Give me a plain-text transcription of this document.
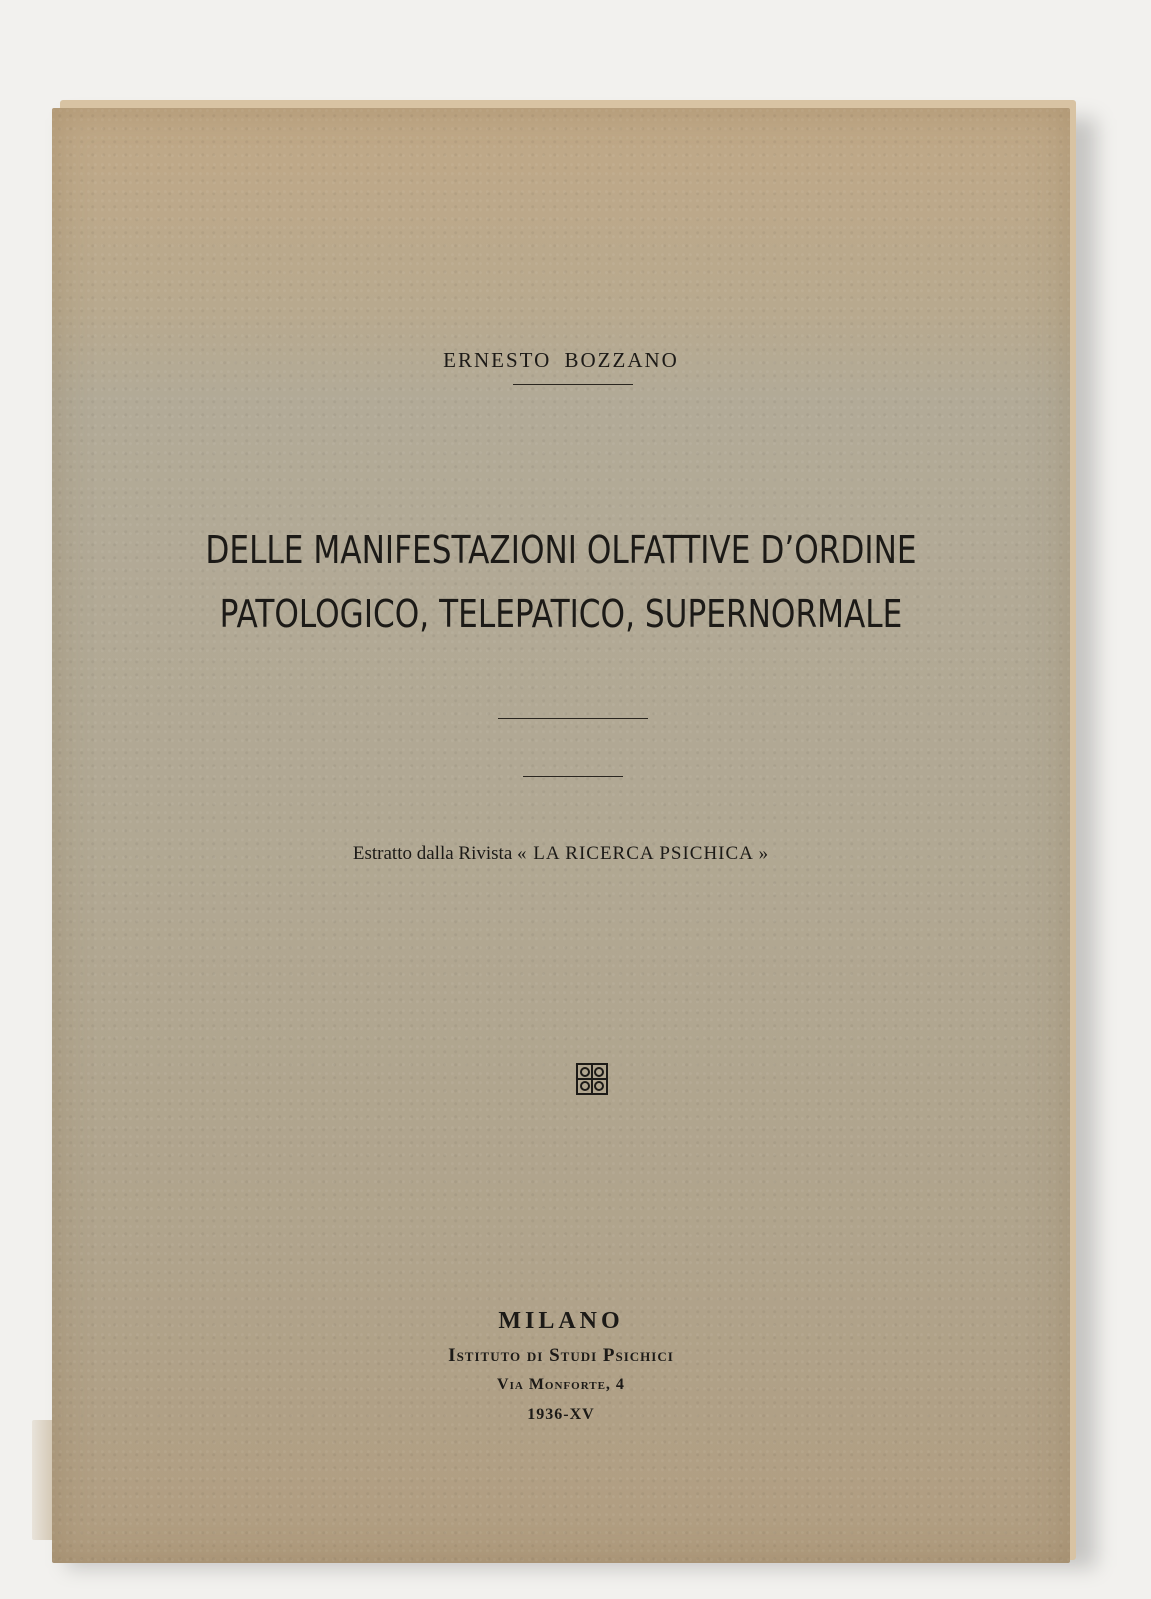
ERNESTO BOZZANO
DELLE MANIFESTAZIONI OLFATTIVE D’ORDINE
PATOLOGICO, TELEPATICO, SUPERNORMALE
Estratto dalla Rivista « LA RICERCA PSICHICA »
MILANO
Istituto di Studi Psichici
Via Monforte, 4
1936-XV
